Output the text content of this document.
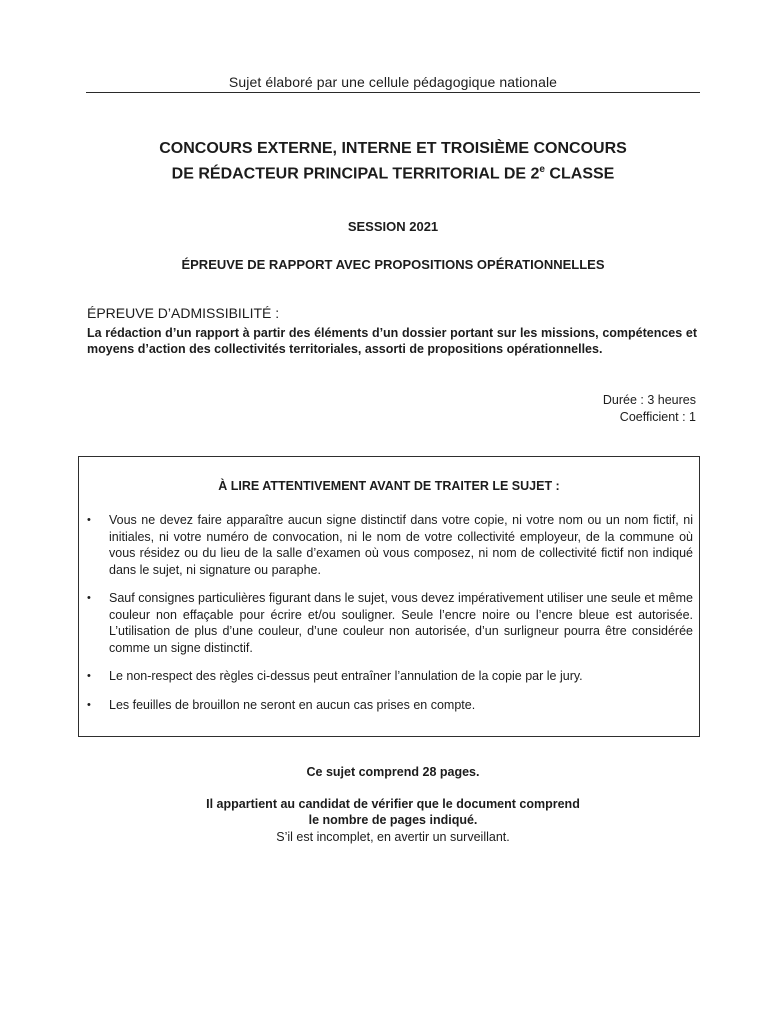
Sujet élaboré par une cellule pédagogique nationale
CONCOURS EXTERNE, INTERNE ET TROISIÈME CONCOURS
DE RÉDACTEUR PRINCIPAL TERRITORIAL DE 2e CLASSE
SESSION 2021
ÉPREUVE DE RAPPORT AVEC PROPOSITIONS OPÉRATIONNELLES
ÉPREUVE D’ADMISSIBILITÉ :
La rédaction d’un rapport à partir des éléments d’un dossier portant sur les missions, compétences et moyens d’action des collectivités territoriales, assorti de propositions opérationnelles.
Durée : 3 heures
Coefficient : 1
À LIRE ATTENTIVEMENT AVANT DE TRAITER LE SUJET :
• Vous ne devez faire apparaître aucun signe distinctif dans votre copie, ni votre nom ou un nom fictif, ni initiales, ni votre numéro de convocation, ni le nom de votre collectivité employeur, de la commune où vous résidez ou du lieu de la salle d’examen où vous composez, ni nom de collectivité fictif non indiqué dans le sujet, ni signature ou paraphe.
• Sauf consignes particulières figurant dans le sujet, vous devez impérativement utiliser une seule et même couleur non effaçable pour écrire et/ou souligner. Seule l’encre noire ou l’encre bleue est autorisée. L’utilisation de plus d’une couleur, d’une couleur non autorisée, d’un surligneur pourra être considérée comme un signe distinctif.
• Le non-respect des règles ci-dessus peut entraîner l’annulation de la copie par le jury.
• Les feuilles de brouillon ne seront en aucun cas prises en compte.
Ce sujet comprend 28 pages.
Il appartient au candidat de vérifier que le document comprend
le nombre de pages indiqué.
S’il est incomplet, en avertir un surveillant.
